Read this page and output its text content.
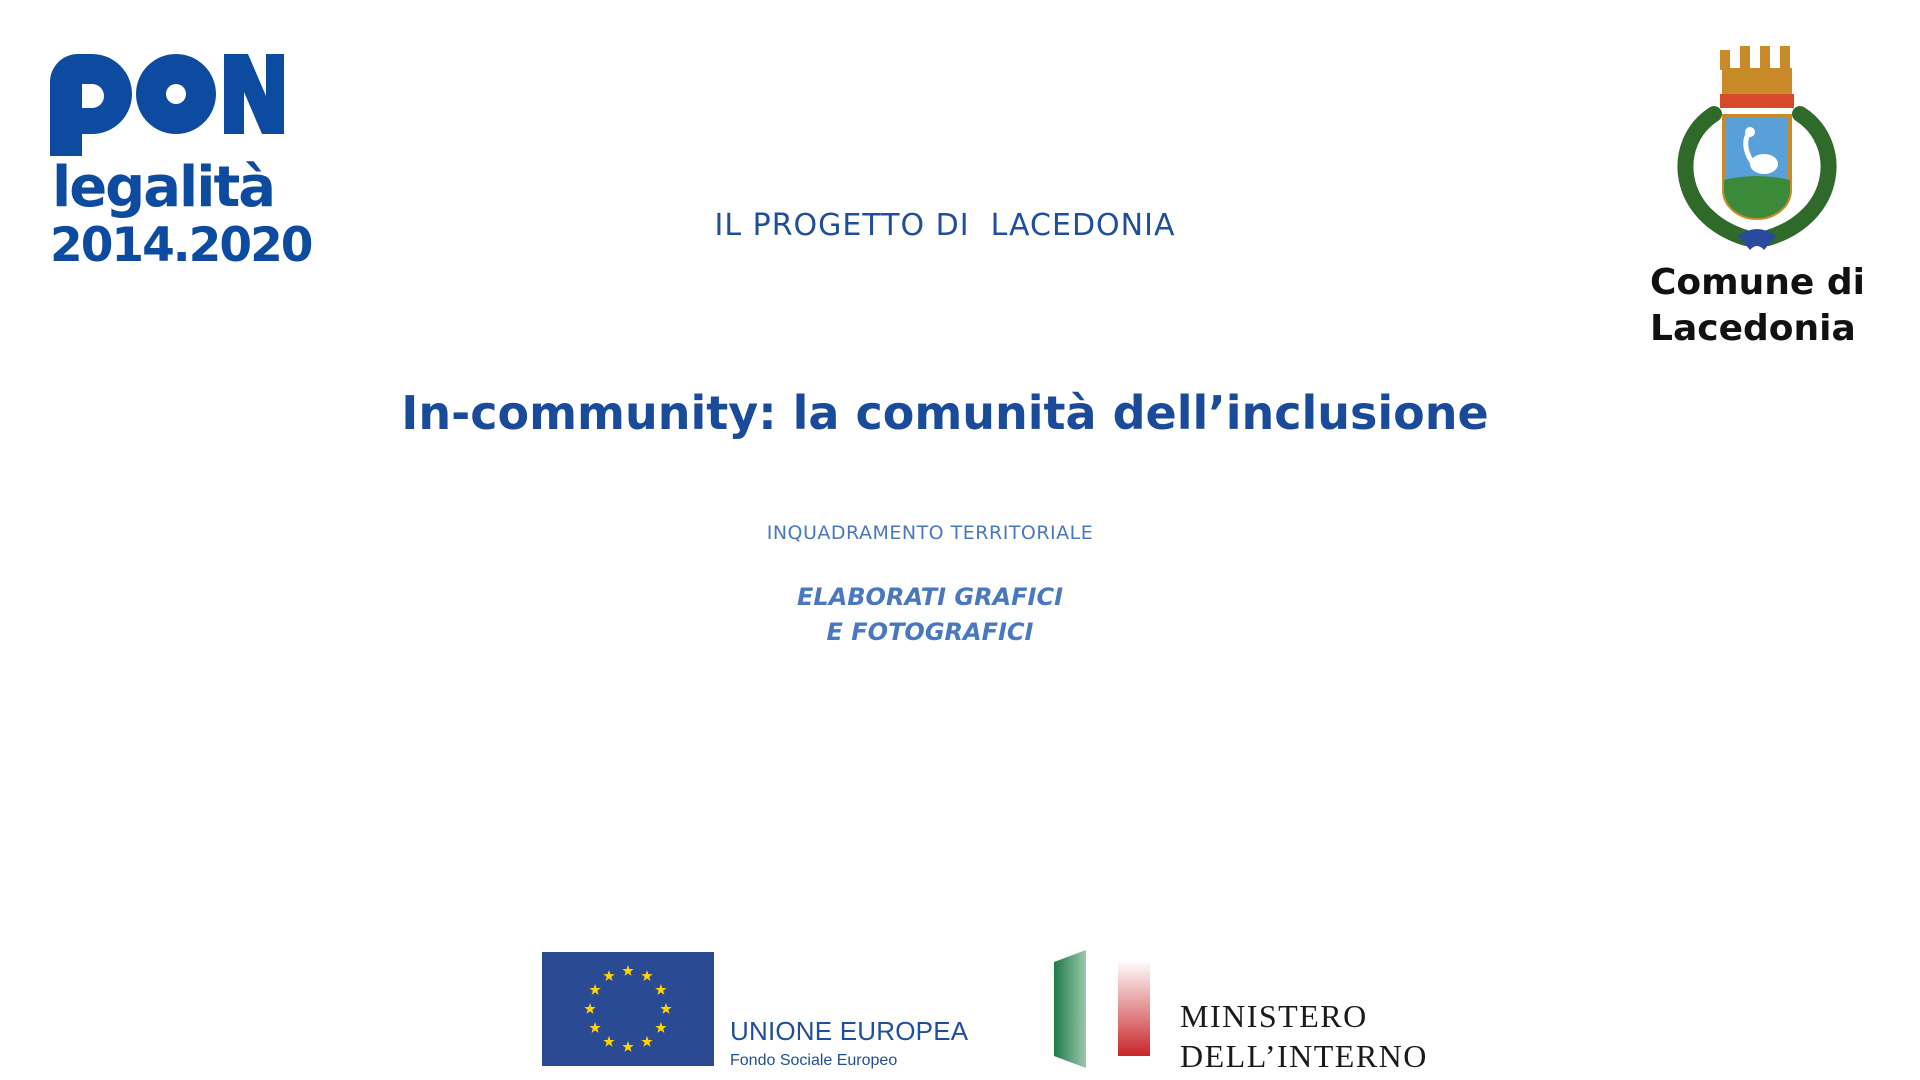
legalità
2014.2020
Comune di
Lacedonia
IL PROGETTO DI  LACEDONIA
In-community: la comunità dell’inclusione
INQUADRAMENTO TERRITORIALE
ELABORATI GRAFICI
E FOTOGRAFICI
UNIONE EUROPEA
Fondo Sociale Europeo
MINISTERO
DELL’INTERNO
